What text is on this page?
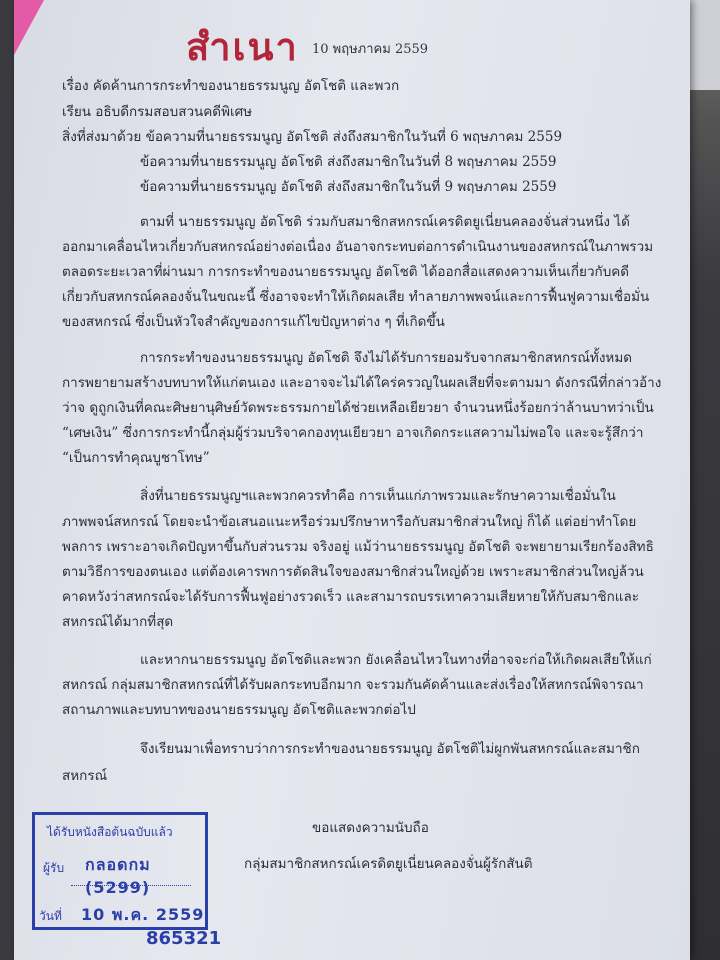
สำเนา 10 พฤษภาคม 2559
เรื่อง คัดค้านการกระทำของนายธรรมนูญ อัตโชติ และพวก
เรียน อธิบดีกรมสอบสวนคดีพิเศษ
สิ่งที่ส่งมาด้วย ข้อความที่นายธรรมนูญ อัตโชติ ส่งถึงสมาชิกในวันที่ 6 พฤษภาคม 2559
ข้อความที่นายธรรมนูญ อัตโชติ ส่งถึงสมาชิกในวันที่ 8 พฤษภาคม 2559
ข้อความที่นายธรรมนูญ อัตโชติ ส่งถึงสมาชิกในวันที่ 9 พฤษภาคม 2559
ตามที่ นายธรรมนูญ อัตโชติ ร่วมกับสมาชิกสหกรณ์เครดิตยูเนี่ยนคลองจั่นส่วนหนึ่ง ได้
ออกมาเคลื่อนไหวเกี่ยวกับสหกรณ์อย่างต่อเนื่อง อันอาจกระทบต่อการดำเนินงานของสหกรณ์ในภาพรวม
ตลอดระยะเวลาที่ผ่านมา การกระทำของนายธรรมนูญ อัตโชติ ได้ออกสื่อแสดงความเห็นเกี่ยวกับคดี
เกี่ยวกับสหกรณ์คลองจั่นในขณะนี้ ซึ่งอาจจะทำให้เกิดผลเสีย ทำลายภาพพจน์และการฟื้นฟูความเชื่อมั่น
ของสหกรณ์ ซึ่งเป็นหัวใจสำคัญของการแก้ไขปัญหาต่าง ๆ ที่เกิดขึ้น
การกระทำของนายธรรมนูญ อัตโชติ จึงไม่ได้รับการยอมรับจากสมาชิกสหกรณ์ทั้งหมด
การพยายามสร้างบทบาทให้แก่ตนเอง และอาจจะไม่ได้ใคร่ครวญในผลเสียที่จะตามมา ดังกรณีที่กล่าวอ้าง
ว่าจ ดูถูกเงินที่คณะศิษยานุศิษย์วัดพระธรรมกายได้ช่วยเหลือเยียวยา จำนวนหนึ่งร้อยกว่าล้านบาทว่าเป็น
“เศษเงิน” ซึ่งการกระทำนี้กลุ่มผู้ร่วมบริจาคกองทุนเยียวยา อาจเกิดกระแสความไม่พอใจ และจะรู้สึกว่า
“เป็นการทำคุณบูชาโทษ”
สิ่งที่นายธรรมนูญฯและพวกควรทำคือ การเห็นแก่ภาพรวมและรักษาความเชื่อมั่นใน
ภาพพจน์สหกรณ์ โดยจะนำข้อเสนอแนะหรือร่วมปรึกษาหารือกับสมาชิกส่วนใหญ่ ก็ได้ แต่อย่าทำโดย
พลการ เพราะอาจเกิดปัญหาขึ้นกับส่วนรวม จริงอยู่ แม้ว่านายธรรมนูญ อัตโชติ จะพยายามเรียกร้องสิทธิ
ตามวิธีการของตนเอง แต่ต้องเคารพการตัดสินใจของสมาชิกส่วนใหญ่ด้วย เพราะสมาชิกส่วนใหญ่ล้วน
คาดหวังว่าสหกรณ์จะได้รับการฟื้นฟูอย่างรวดเร็ว และสามารถบรรเทาความเสียหายให้กับสมาชิกและ
สหกรณ์ได้มากที่สุด
และหากนายธรรมนูญ อัตโชติและพวก ยังเคลื่อนไหวในทางที่อาจจะก่อให้เกิดผลเสียให้แก่
สหกรณ์ กลุ่มสมาชิกสหกรณ์ที่ได้รับผลกระทบอีกมาก จะรวมกันคัดค้านและส่งเรื่องให้สหกรณ์พิจารณา
สถานภาพและบทบาทของนายธรรมนูญ อัตโชติและพวกต่อไป
จึงเรียนมาเพื่อทราบว่าการกระทำของนายธรรมนูญ อัตโชติไม่ผูกพันสหกรณ์และสมาชิก
สหกรณ์
ขอแสดงความนับถือ
กลุ่มสมาชิกสหกรณ์เครดิตยูเนี่ยนคลองจั่นผู้รักสันติ
ได้รับหนังสือต้นฉบับแล้ว
ผู้รับ กลอดกม (5299)
วันที่ 10 พ.ค. 2559
865321
